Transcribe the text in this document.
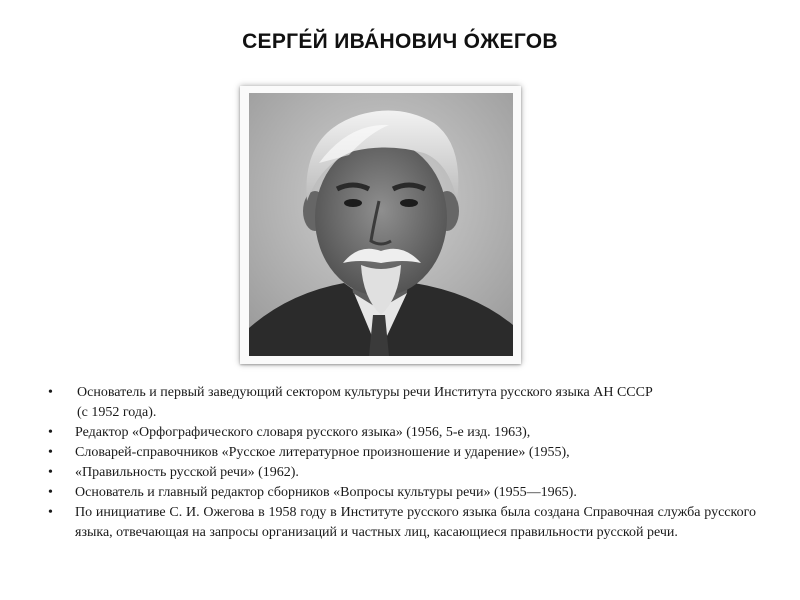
СЕРГЕ́Й ИВА́НОВИЧ О́ЖЕГОВ
•	Основатель и первый заведующий сектором культуры речи Института русского языка АН СССР
(с 1952 года).
•	Редактор «Орфографического словаря русского языка» (1956, 5-е изд. 1963),
•	Словарей-справочников «Русское литературное произношение и ударение» (1955),
•	«Правильность русской речи» (1962).
•	Основатель и главный редактор сборников «Вопросы культуры речи» (1955—1965).
•	По инициативе С. И. Ожегова в 1958 году в Институте русского языка была создана Справочная служба русского языка, отвечающая на запросы организаций и частных лиц, касающиеся правильности русской речи.
